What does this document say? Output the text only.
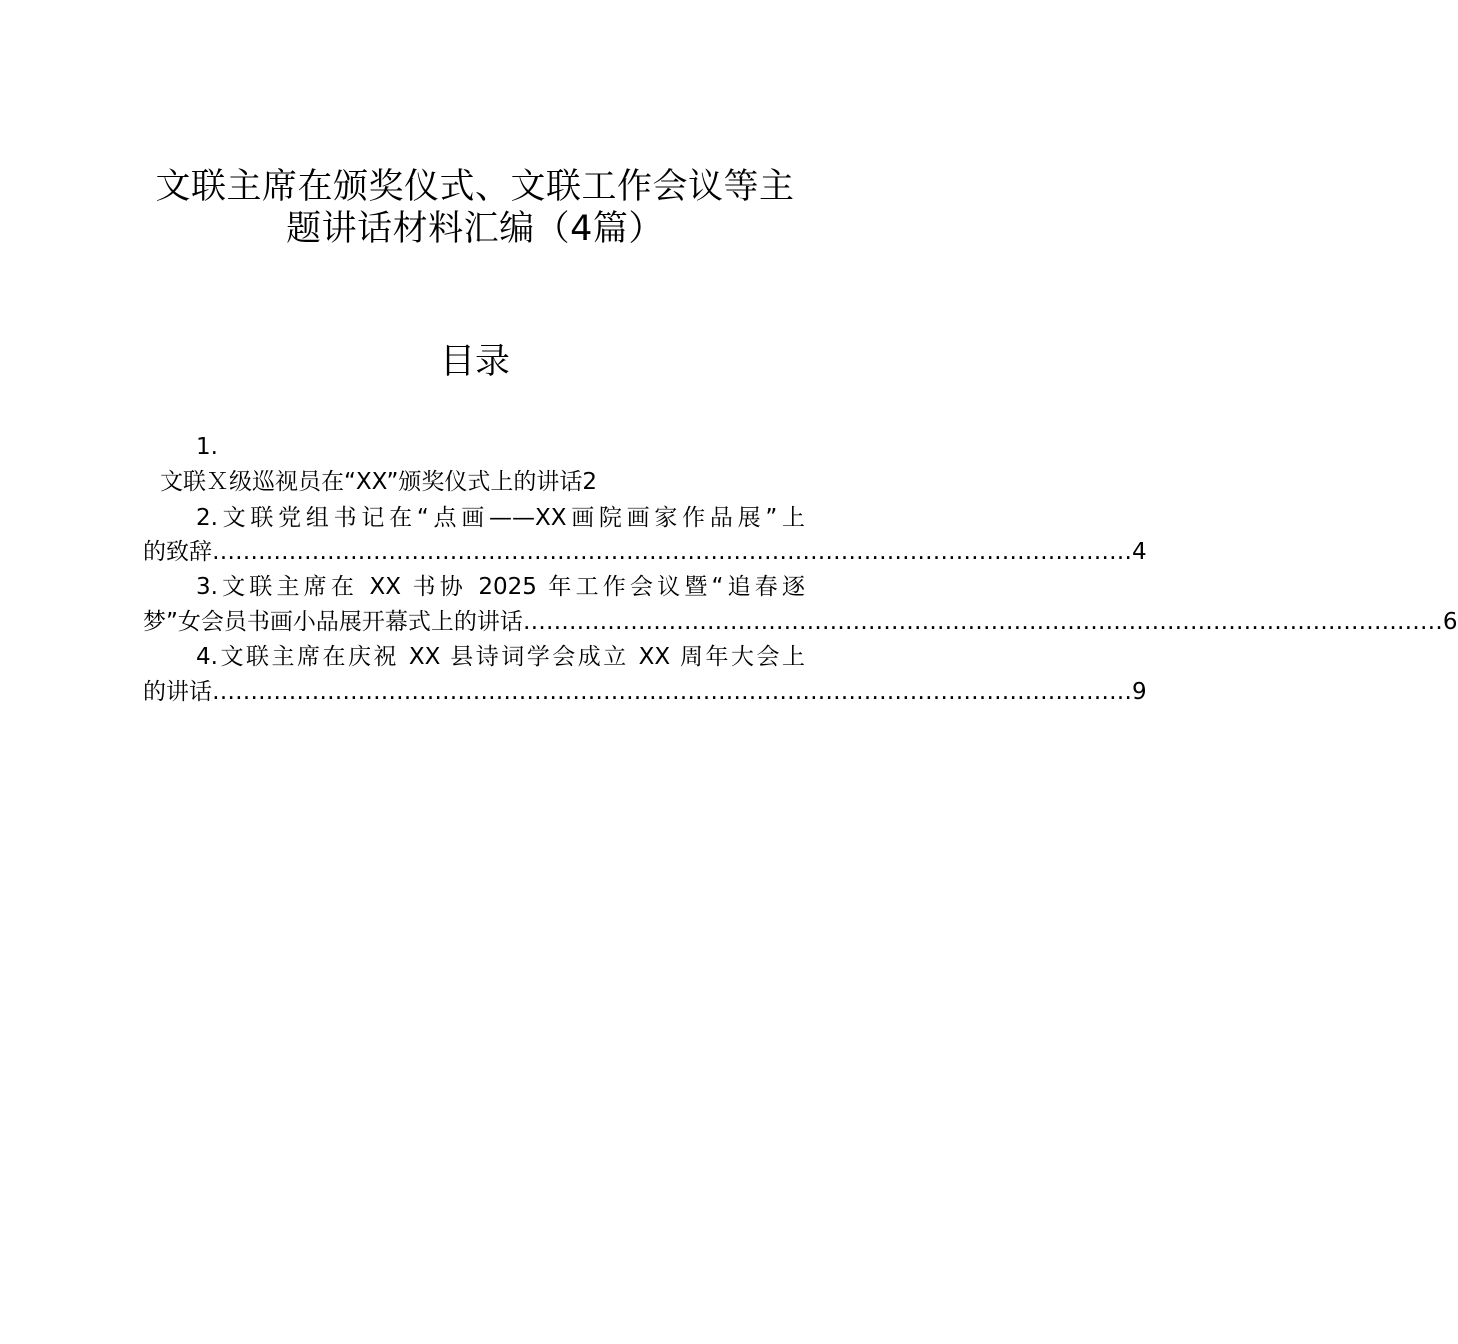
文联主席在颁奖仪式、文联工作会议等主
题讲话材料汇编（4篇）
目录
1.
文联Ｘ级巡视员在“XX”颁奖仪式上的讲话2
2.文联党组书记在“点画——XX画院画家作品展”上
的致辞 ………………………………………………………………………………………………………… 4
3.文联主席在 XX 书协 2025 年工作会议暨“追春逐
梦”女会员书画小品展开幕式上的讲话 ………………………………………………………………………………………………………… 6
4.文联主席在庆祝 XX 县诗词学会成立 XX 周年大会上
的讲话 ………………………………………………………………………………………………………… 9
